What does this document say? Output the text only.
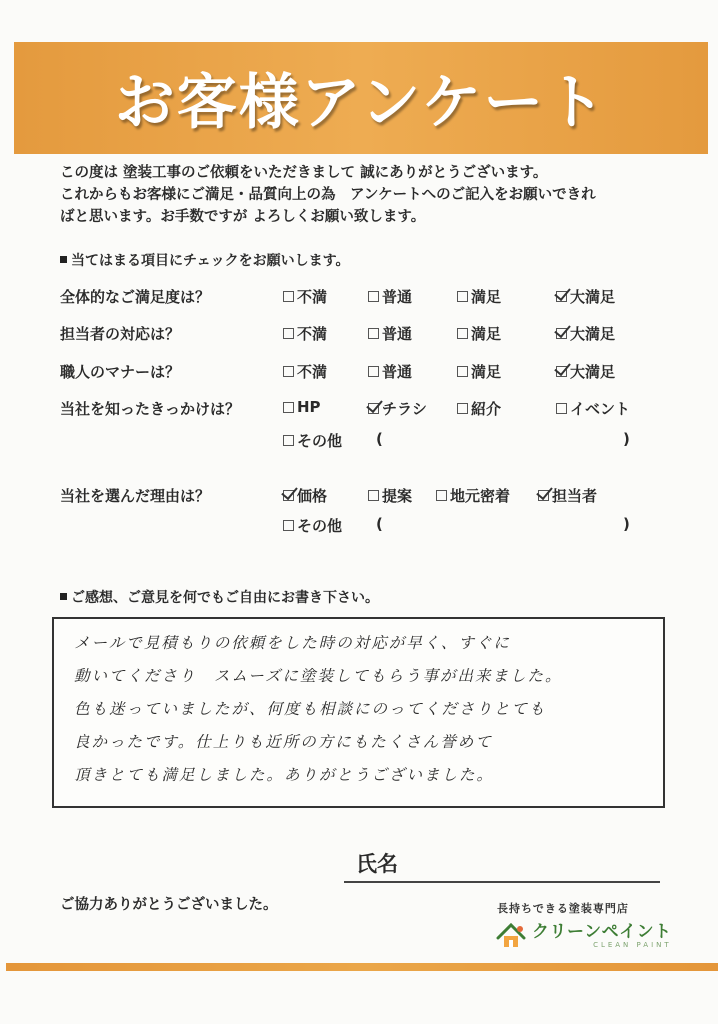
お客様アンケート
この度は 塗装工事のご依頼をいただきまして 誠にありがとうございます。
これからもお客様にご満足・品質向上の為　アンケートへのご記入をお願いできれ
ばと思います。お手数ですが よろしくお願い致します。
当てはまる項目にチェックをお願いします。
全体的なご満足度は？	不満	普通	満足	大満足
担当者の対応は？	不満	普通	満足	大満足
職人のマナーは？	不満	普通	満足	大満足
当社を知ったきっかけは？	HP	チラシ	紹介	イベント
その他 (	)
当社を選んだ理由は？	価格	提案	地元密着	担当者
その他 (	)
ご感想、ご意見を何でもご自由にお書き下さい。
メールで見積もりの依頼をした時の対応が早く、すぐに
動いてくださり　スムーズに塗装してもらう事が出来ました。
色も迷っていましたが、何度も相談にのってくださりとても
良かったです。仕上りも近所の方にもたくさん誉めて
頂きとても満足しました。ありがとうございました。
氏名
ご協力ありがとうございました。	長持ちできる塗装専門店
クリーンペイント
CLEAN PAINT
